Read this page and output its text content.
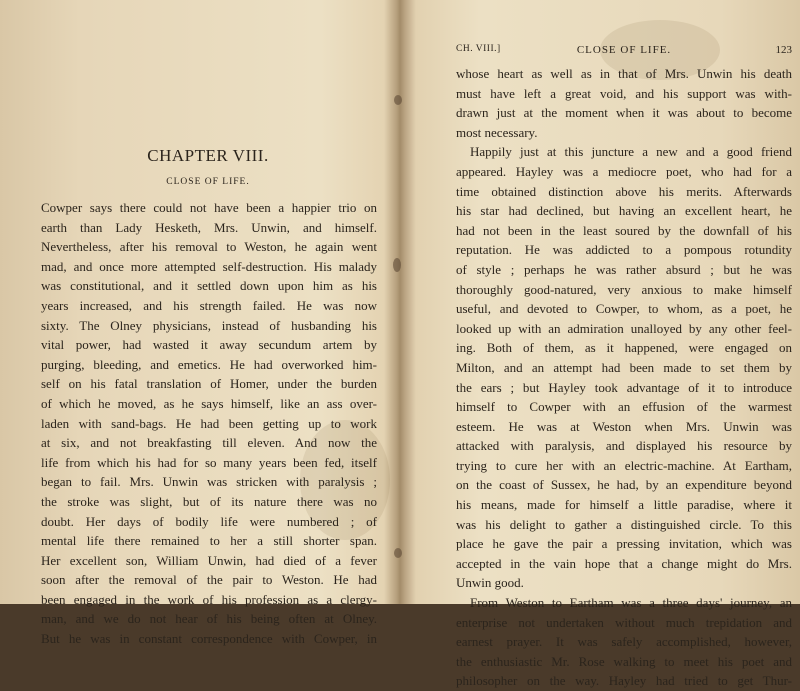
CHAPTER VIII.
CLOSE OF LIFE.
Cowper says there could not have been a happier trio on
earth than Lady Hesketh, Mrs. Unwin, and himself.
Nevertheless, after his removal to Weston, he again went
mad, and once more attempted self-destruction. His malady
was constitutional, and it settled down upon him as his
years increased, and his strength failed. He was now
sixty. The Olney physicians, instead of husbanding his
vital power, had wasted it away secundum artem by
purging, bleeding, and emetics. He had overworked him-
self on his fatal translation of Homer, under the burden
of which he moved, as he says himself, like an ass over-
laden with sand-bags. He had been getting up to work
at six, and not breakfasting till eleven. And now the
life from which his had for so many years been fed, itself
began to fail. Mrs. Unwin was stricken with paralysis ;
the stroke was slight, but of its nature there was no
doubt. Her days of bodily life were numbered ; of
mental life there remained to her a still shorter span.
Her excellent son, William Unwin, had died of a fever
soon after the removal of the pair to Weston. He had
been engaged in the work of his profession as a clergy-
man, and we do not hear of his being often at Olney.
But he was in constant correspondence with Cowper, in
CH. VIII.]	CLOSE OF LIFE.	123
whose heart as well as in that of Mrs. Unwin his death
must have left a great void, and his support was with-
drawn just at the moment when it was about to become
most necessary.
Happily just at this juncture a new and a good friend
appeared. Hayley was a mediocre poet, who had for a
time obtained distinction above his merits. Afterwards
his star had declined, but having an excellent heart, he
had not been in the least soured by the downfall of his
reputation. He was addicted to a pompous rotundity
of style ; perhaps he was rather absurd ; but he was
thoroughly good-natured, very anxious to make himself
useful, and devoted to Cowper, to whom, as a poet, he
looked up with an admiration unalloyed by any other feel-
ing. Both of them, as it happened, were engaged on
Milton, and an attempt had been made to set them by
the ears ; but Hayley took advantage of it to introduce
himself to Cowper with an effusion of the warmest
esteem. He was at Weston when Mrs. Unwin was
attacked with paralysis, and displayed his resource by
trying to cure her with an electric-machine. At Eartham,
on the coast of Sussex, he had, by an expenditure beyond
his means, made for himself a little paradise, where it
was his delight to gather a distinguished circle. To this
place he gave the pair a pressing invitation, which was
accepted in the vain hope that a change might do Mrs.
Unwin good.
From Weston to Eartham was a three days' journey, an
enterprise not undertaken without much trepidation and
earnest prayer. It was safely accomplished, however,
the enthusiastic Mr. Rose walking to meet his poet and
philosopher on the way. Hayley had tried to get Thur-
